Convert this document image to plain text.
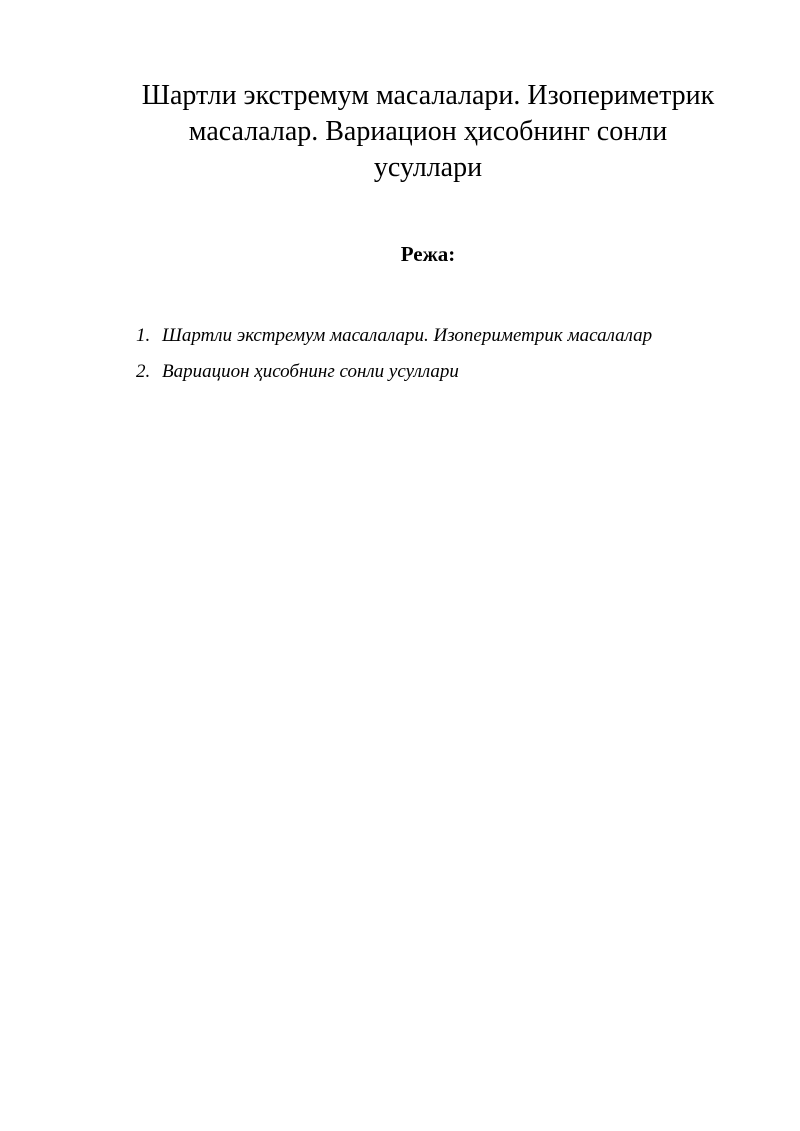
Шартли экстремум масалалари. Изопериметрик
масалалар. Вариацион ҳисобнинг сонли
усуллари
Режа:
1. Шартли экстремум масалалари. Изопериметрик масалалар
2. Вариацион ҳисобнинг сонли усуллари
